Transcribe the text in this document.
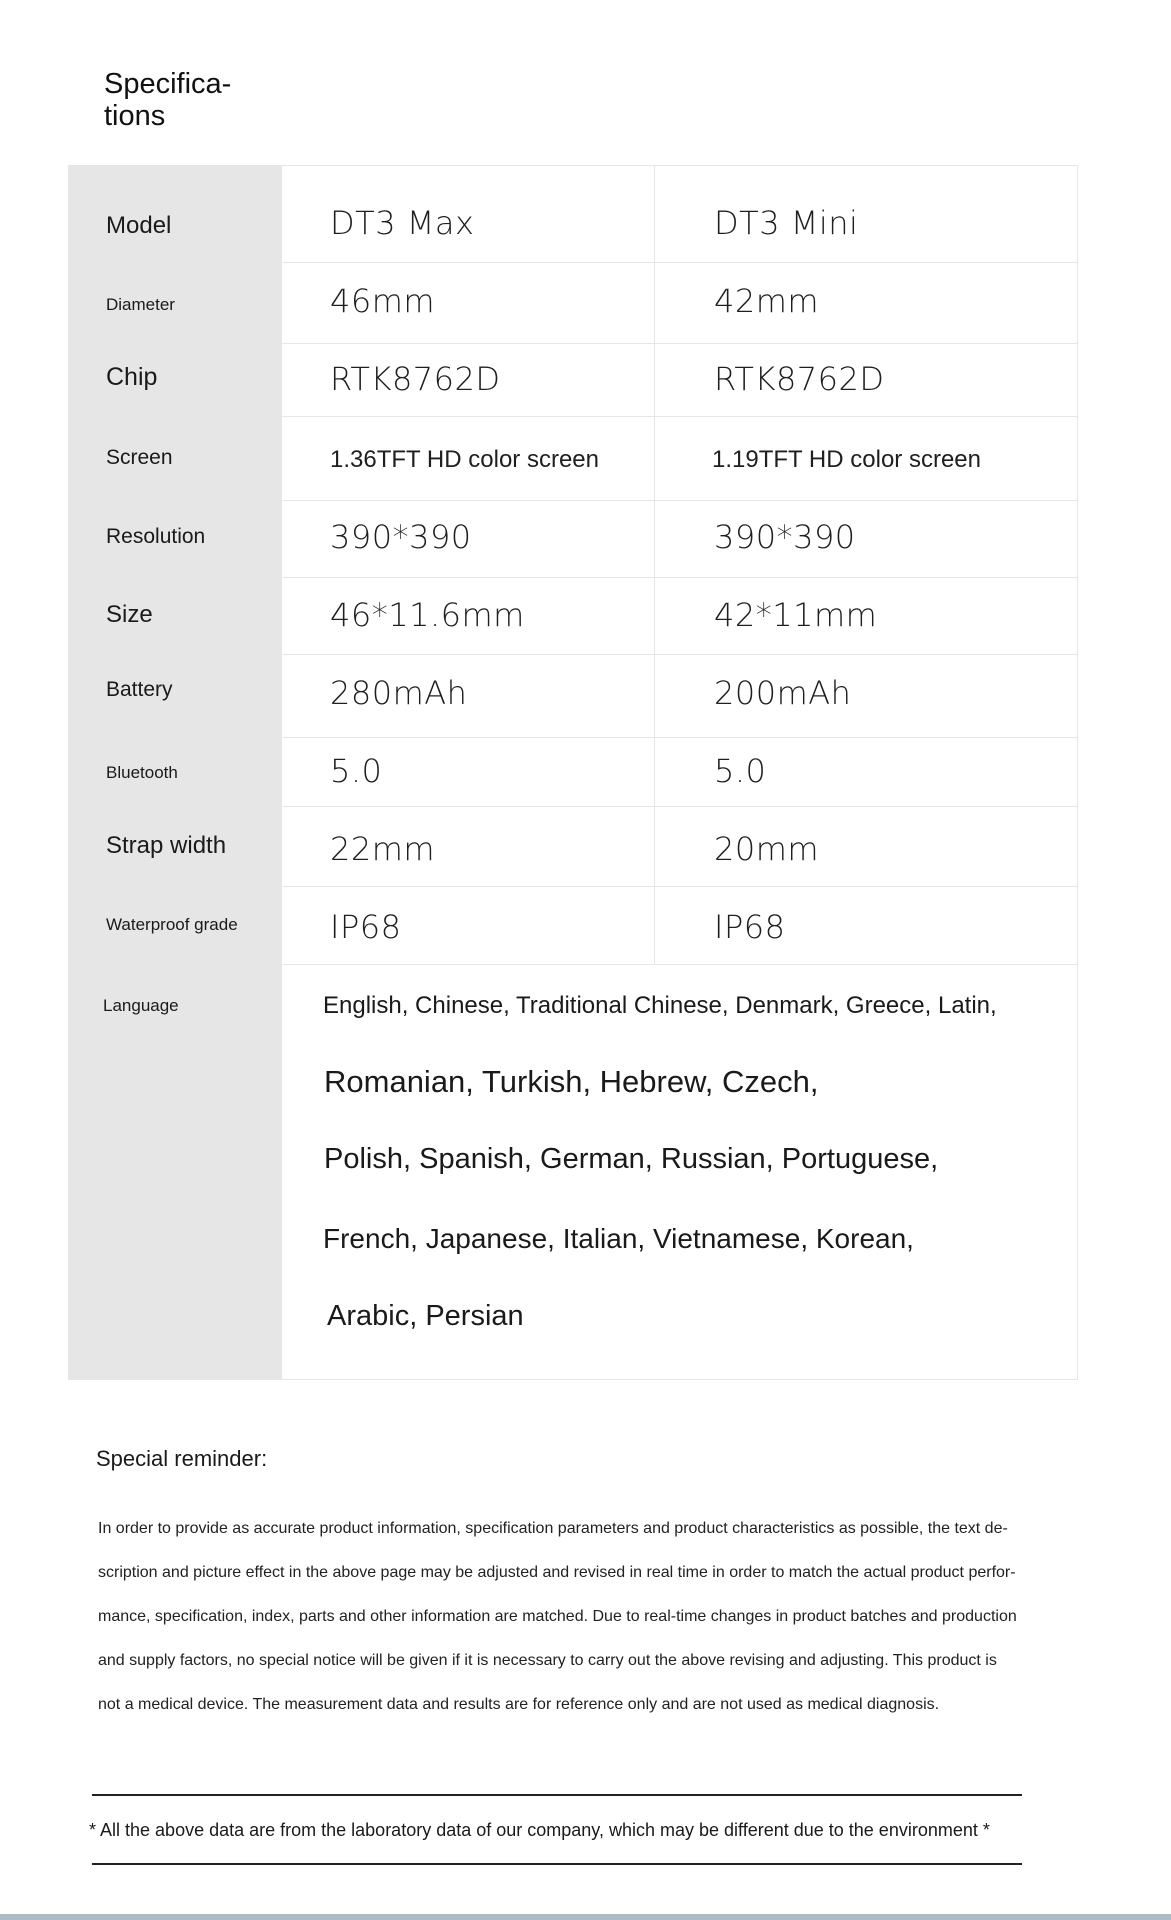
Specifica-
tions
Model	DT3 Max	DT3 Mini
Diameter	46mm	42mm
Chip	RTK8762D	RTK8762D
Screen	1.36TFT HD color screen	1.19TFT HD color screen
Resolution	390*390	390*390
Size	46*11.6mm	42*11mm
Battery	280mAh	200mAh
Bluetooth	5.0	5.0
Strap width	22mm	20mm
Waterproof grade	IP68	IP68
Language	English, Chinese, Traditional Chinese, Denmark, Greece, Latin,
Romanian, Turkish, Hebrew, Czech,
Polish, Spanish, German, Russian, Portuguese,
French, Japanese, Italian, Vietnamese, Korean,
Arabic, Persian
Special reminder:
In order to provide as accurate product information, specification parameters and product characteristics as possible, the text de-
scription and picture effect in the above page may be adjusted and revised in real time in order to match the actual product perfor-
mance, specification, index, parts and other information are matched. Due to real-time changes in product batches and production
and supply factors, no special notice will be given if it is necessary to carry out the above revising and adjusting. This product is
not a medical device. The measurement data and results are for reference only and are not used as medical diagnosis.
* All the above data are from the laboratory data of our company, which may be different due to the environment *
